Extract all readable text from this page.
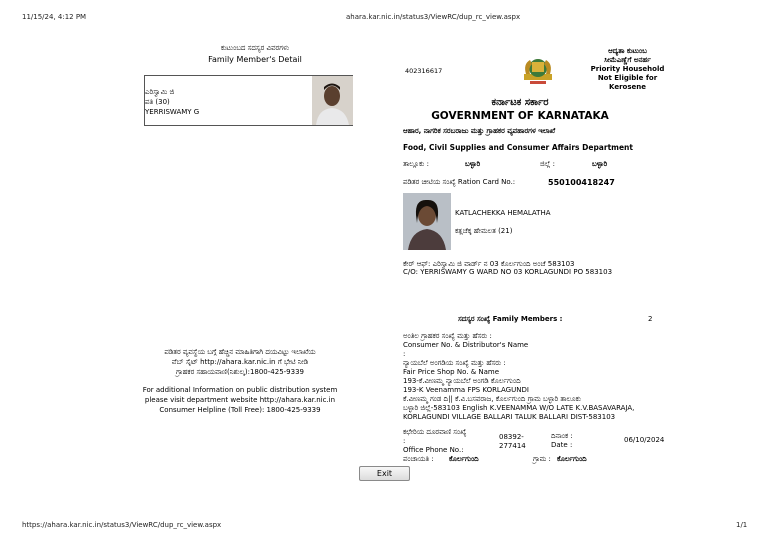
11/15/24, 4:12 PM	ahara.kar.nic.in/status3/ViewRC/dup_rc_view.aspx
ಕುಟುಂಬದ ಸದಸ್ಯರ ವಿವರಗಳು
Family Member's Detail
ಎರಿಸ್ವಾಮಿ ಜಿ
ಪತಿ (30)
YERRISWAMY G
ಪಡಿತರ ವ್ಯವಸ್ಥೆಯ ಬಗ್ಗೆ ಹೆಚ್ಚಿನ ಮಾಹಿತಿಗಾಗಿ ದಯವಿಟ್ಟು ಇಲಾಖೆಯ
ವೆಬ್ ಸೈಟ್ http://ahara.kar.nic.in ಗೆ ಭೇಟಿ ನೀಡಿ
ಗ್ರಾಹಕರ ಸಹಾಯವಾಣಿ(ನಿಶುಲ್ಕ):1800-425-9339
For additional Information on public distribution system
please visit department website http://ahara.kar.nic.in
Consumer Helpline (Toll Free): 1800-425-9339
402316617
ಆದ್ಯತಾ ಕುಟುಂಬ
ಸೀಮೆಎಣ್ಣೆಗೆ ಅನರ್ಹ
Priority Household
Not Eligible for
Kerosene
ಕರ್ನಾಟಕ ಸರ್ಕಾರ
GOVERNMENT OF KARNATAKA
ಆಹಾರ, ನಾಗರಿಕ ಸರಬರಾಜು ಮತ್ತು ಗ್ರಾಹಕರ ವ್ಯವಹಾರಗಳ ಇಲಾಖೆ
Food, Civil Supplies and Consumer Affairs Department
ತಾಲ್ಲೂಕು :	ಬಳ್ಳಾರಿ	ಜಿಲ್ಲೆ :	ಬಳ್ಳಾರಿ
ಪಡಿತರ ಚೀಟಿಯ ಸಂಖ್ಯೆ Ration Card No.:	550100418247
KATLACHEKKA HEMALATHA
ಕತ್ಲಚೆಕ್ಕ ಹೇಮಲತ (21)
ಕೇರ್ ಆಫ್: ಎರಿಸ್ವಾಮಿ ಜಿ ವಾರ್ಡ್ ನ 03 ಕೊರ್ಲಗುಂದಿ ಅಂಚೆ 583103
C/O: YERRISWAMY G WARD NO 03 KORLAGUNDI PO 583103
ಸದಸ್ಯರ ಸಂಖ್ಯೆ Family Members :	2
ಅಂತಿಲ ಗ್ರಾಹಕರ ಸಂಖ್ಯೆ ಮತ್ತು ಹೆಸರು :
Consumer No. & Distributor's Name
:
ನ್ಯಾಯಬೆಲೆ ಅಂಗಡಿಯ ಸಂಖ್ಯೆ ಮತ್ತು ಹೆಸರು :
Fair Price Shop No. & Name
193-ಕೆ.ವೀಣಮ್ಮ ನ್ಯಾಯಬೆಲೆ ಅಂಗಡಿ ಕೊರ್ಲಗುಂದಿ
193-K Veenamma FPS KORLAGUNDI
ಕೆ.ವೀಣಮ್ಮ ಗಂಡ ದಿ|| ಕೆ.ವಿ.ಬಸವರಾಜ, ಕೊರ್ಲಗುಂದಿ ಗ್ರಾಮ ಬಳ್ಳಾರಿ ತಾಲೂಕು
ಬಳ್ಳಾರಿ ಜಿಲ್ಲೆ-583103 English K.VEENAMMA W/O LATE K.V.BASAVARAJA,
KORLAGUNDI VILLAGE BALLARI TALUK BALLARI DIST-583103
ಕಛೇರಿಯ ದೂರವಾಣಿ ಸಂಖ್ಯೆ
:
Office Phone No.:
08392-
277414
ದಿನಾಂಕ :
Date :
06/10/2024
ಪಂಚಾಯತಿ : ಕೊರ್ಲಗುಂದಿ	ಗ್ರಾಮ : ಕೊರ್ಲಗುಂದಿ
Exit
https://ahara.kar.nic.in/status3/ViewRC/dup_rc_view.aspx	1/1
